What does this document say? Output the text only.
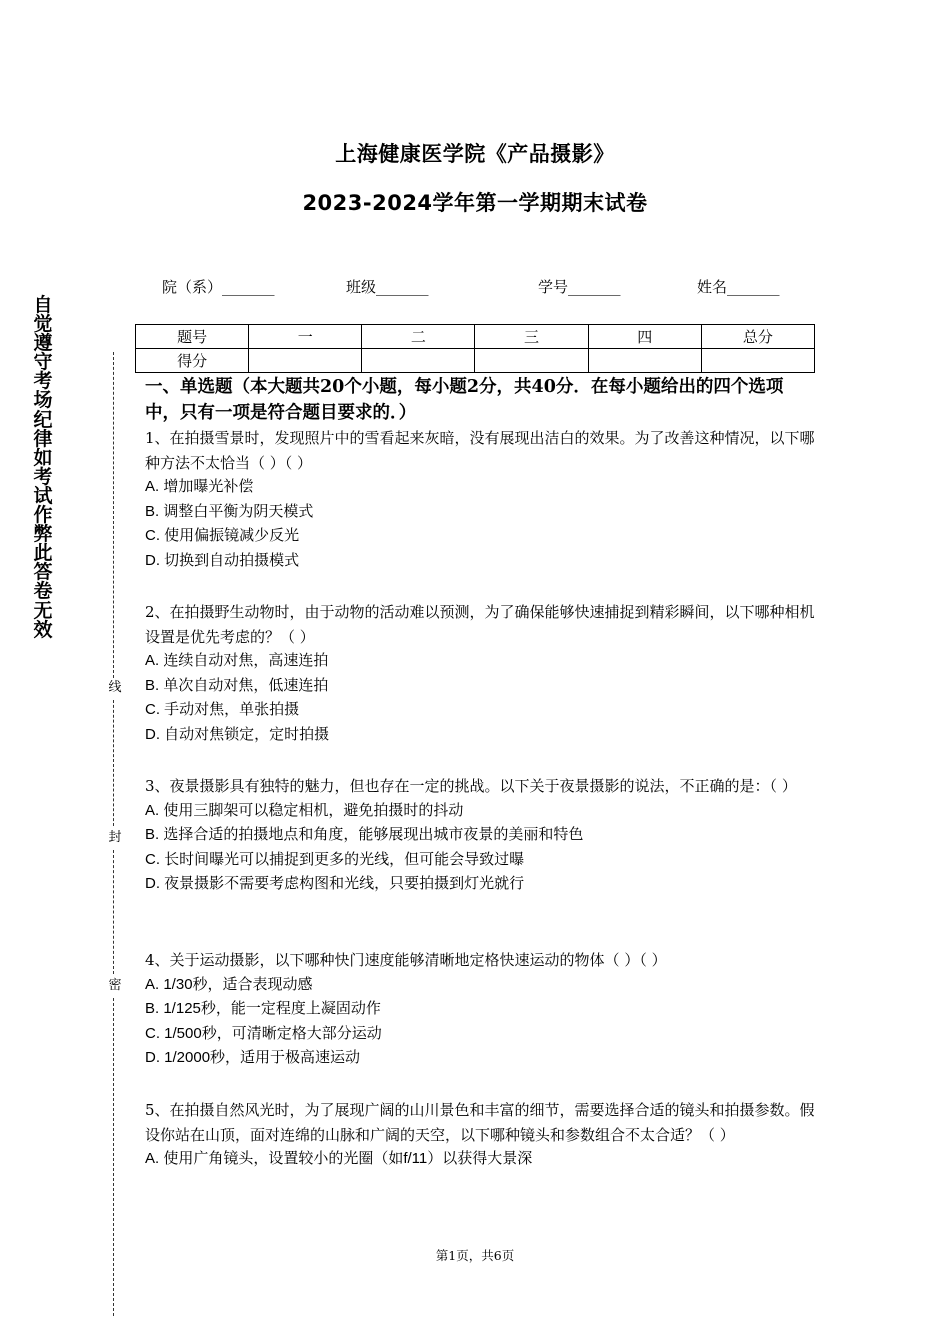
上海健康医学院《产品摄影》
2023-2024学年第一学期期末试卷
院（系）_______	班级_______	学号_______	姓名_______
自觉遵守考场纪律如考试作弊此答卷无效
线
封
密
题号	一	二	三	四	总分
得分					
一、单选题（本大题共20个小题，每小题2分，共40分．在每小题给出的四个选项中，只有一项是符合题目要求的．）

1、在拍摄雪景时，发现照片中的雪看起来灰暗，没有展现出洁白的效果。为了改善这种情况，以下哪种方法不太恰当（ ）（ ）

A. 增加曝光补偿

B. 调整白平衡为阴天模式

C. 使用偏振镜减少反光

D. 切换到自动拍摄模式

2、在拍摄野生动物时，由于动物的活动难以预测，为了确保能够快速捕捉到精彩瞬间，以下哪种相机设置是优先考虑的？（ ）

A. 连续自动对焦，高速连拍

B. 单次自动对焦，低速连拍

C. 手动对焦，单张拍摄

D. 自动对焦锁定，定时拍摄

3、夜景摄影具有独特的魅力，但也存在一定的挑战。以下关于夜景摄影的说法，不正确的是：（ ）

A. 使用三脚架可以稳定相机，避免拍摄时的抖动

B. 选择合适的拍摄地点和角度，能够展现出城市夜景的美丽和特色

C. 长时间曝光可以捕捉到更多的光线，但可能会导致过曝

D. 夜景摄影不需要考虑构图和光线，只要拍摄到灯光就行

4、关于运动摄影，以下哪种快门速度能够清晰地定格快速运动的物体（ ）（ ）

A. 1/30秒，适合表现动感

B. 1/125秒，能一定程度上凝固动作

C. 1/500秒，可清晰定格大部分运动

D. 1/2000秒，适用于极高速运动

5、在拍摄自然风光时，为了展现广阔的山川景色和丰富的细节，需要选择合适的镜头和拍摄参数。假设你站在山顶，面对连绵的山脉和广阔的天空，以下哪种镜头和参数组合不太合适？（ ）

A. 使用广角镜头，设置较小的光圈（如f/11）以获得大景深

第1页，共6页
